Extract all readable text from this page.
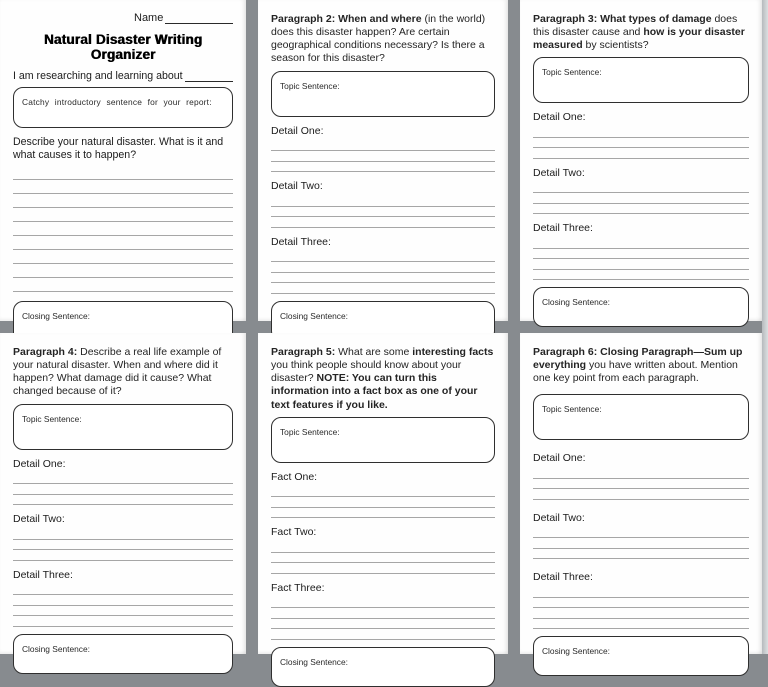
Name
Natural Disaster Writing Organizer
I am researching and learning about
Catchy introductory sentence for your report:

Describe your natural disaster. What is it and what causes it to happen?

Closing Sentence:

Paragraph 2: When and where (in the world) does this disaster happen? Are certain geographical conditions necessary? Is there a season for this disaster?

Topic Sentence:

Detail One:

Detail Two:

Detail Three:

Closing Sentence:

Paragraph 3: What types of damage does this disaster cause and how is your disaster measured by scientists?

Topic Sentence:

Detail One:

Detail Two:

Detail Three:

Closing Sentence:

Paragraph 4: Describe a real life example of your natural disaster. When and where did it happen? What damage did it cause? What changed because of it?

Topic Sentence:

Detail One:

Detail Two:

Detail Three:

Closing Sentence:

Paragraph 5: What are some interesting facts you think people should know about your disaster? NOTE: You can turn this information into a fact box as one of your text features if you like.

Topic Sentence:

Fact One:

Fact Two:

Fact Three:

Closing Sentence:

Paragraph 6: Closing Paragraph—Sum up everything you have written about. Mention one key point from each paragraph.

Topic Sentence:

Detail One:

Detail Two:

Detail Three:

Closing Sentence:
